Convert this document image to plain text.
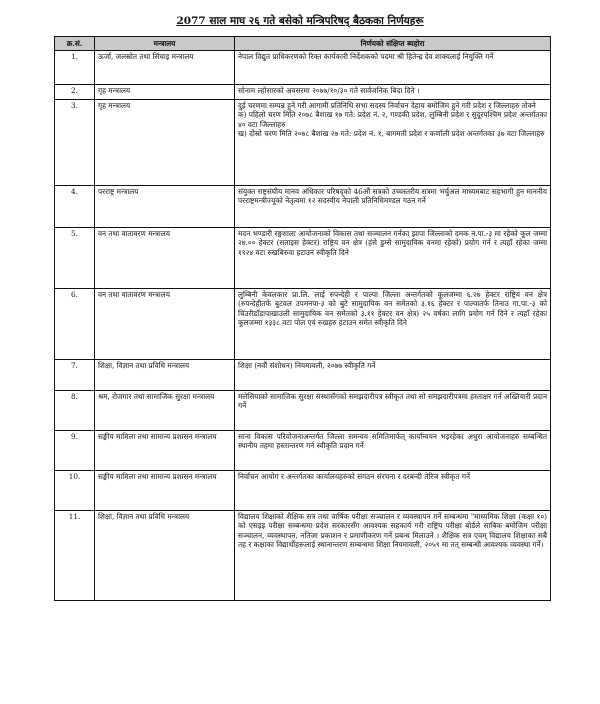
2077 साल माघ २६ गते बसेको मन्त्रिपरिषद् बैठकका निर्णयहरू
क्र.सं.	मन्त्रालय	निर्णयको संक्षिप्त ब्यहोरा
1.	ऊर्जा, जलस्रोत तथा सिंचाइ मन्त्रालय	नेपाल विद्युत प्राधिकरणको रिक्त कार्यकारी निर्देशकको पदमा श्री हितेन्द्र देव शाक्यलाई नियुक्ति गर्ने
2.	गृह मन्त्रालय	सोनाम ल्होसारको अवसरमा २०७७/१०/३० गते सार्वजनिक बिदा दिने ।
3.	गृह मन्त्रालय	दुई चरणमा सम्पन्न हुने गरी आगामी प्रतिनिधि सभा सदस्य निर्वाचन देहाय बमोजिम हुने गरी प्रदेश र जिल्लाहरु तोक्ने
क) पहिलो चरण मिति २०७८ बैशाख १७ गते: प्रदेश नं. २, गण्डकी प्रदेश, लुम्बिनी प्रदेश र सुदूरपश्चिम प्रदेश अन्तर्गतका ४० वटा जिल्लाहरु
ख) दोस्रो चरण मिति २०७८ बैशाख २७ गते: प्रदेश नं. १, बागमती प्रदेश र कर्णाली प्रदेश अन्तर्गतका ३७ वटा जिल्लाहरु

4.	परराष्ट्र मन्त्रालय	संयुक्त राष्ट्रसंघीय मानव अधिकार परिषद्को 46औं सत्रको उच्चस्तरीय सत्रमा भर्चुअल माध्यमबाट सहभागी हुन माननीय परराष्ट्रमन्त्रीज्यूको नेतृत्वमा १२ सदस्यीय नेपाली प्रतिनिधिमण्डल गठन गर्ने
5.	वन तथा वातावरण मन्त्रालय	मदन भण्डारी रङ्गशाला आयोजनाको विकास तथा सञ्चालन गर्नका झापा जिल्लाको दमक न.पा.-३ मा रहेको कूल जम्मा २७.०० हेक्टर (सताइस हेक्टर) राष्ट्रिय वन क्षेत्र (हंसे डुम्से सामुदायिक वनमा रहेको) प्रयोग गर्न र त्यहाँ रहेका जम्मा १९२४ वटा रुखबिरुवा हटाउन स्वीकृति दिने
6.	वन तथा वातावरण मन्त्रालय	लुम्बिनी केवलकार प्रा.लि. लाई रुपन्देही र पाल्पा जिल्ला अन्तर्गतको कूलजम्मा ६.२७ हेक्टर राष्ट्रिय वन क्षेत्र (रुपन्देहीतर्फ बुटवल उपमनपा-३ को बुटे सामुदायिक वन समेतको ३.१६ हेक्टर र पाल्पातर्फ तिनाउ गा.पा.-३ को चिउरीडाँडापाखाउली सामुदायिक वन समेतको ३.११ हेक्टर वन क्षेत्र) २५ वर्षका लागि प्रयोग गर्न दिने र त्यहाँ रहेका कूलजम्मा १३३८ वटा पोल एवं रुखहरु हटाउन समेत स्वीकृति दिने
7.	शिक्षा, विज्ञान तथा प्रविधि मन्त्रालय	शिक्षा (नवौं संशोधन) नियमावली, २०७७ स्वीकृति गर्ने
8.	श्रम, रोजगार तथा सामाजिक सुरक्षा मन्त्रालय	मलेसियाको सामाजिक सुरक्षा संस्थासँगको समझदारीपत्र स्वीकृत तथा सो समझदारीपत्रमा हस्ताक्षर गर्न अख्तियारी प्रदान गर्ने
9.	सङ्घीय मामिला तथा सामान्य प्रशासन मन्त्रालय	साना विकास परियोजनाअन्तर्गत जिल्ला समन्वय समितिमार्फत् कार्यान्वयन भइरहेका अधुरा आयोजनाहरु सम्बन्धित स्थानीय तहमा हस्तान्तरण गर्न स्वीकृति प्रदान गर्ने
10.	सङ्घीय मामिला तथा सामान्य प्रशासन मन्त्रालय	निर्वाचन आयोग र अन्तर्गतका कार्यालयहरुको संगठन संरचना र दरबन्दी तेरिज स्वीकृत गर्ने
11.	शिक्षा, विज्ञान तथा प्रविधि मन्त्रालय	विद्यालय शिक्षाको शैक्षिक सत्र तथा वार्षिक परीक्षा सञ्चालन र व्यवस्थापन गर्ने सम्बन्धमा "माध्यमिक शिक्षा (कक्षा १०) को एसइइ परीक्षा सम्बन्धमा प्रदेश सरकारसँग आवश्यक सहकार्य गरी राष्ट्रिय परीक्षा बोर्डले साबिक बमोजिम परीक्षा सञ्चालन, व्यवस्थापन, नतिजा प्रकाशन र प्रमाणीकरण गर्ने प्रबन्ध मिलाउने । शैक्षिक सत्र एवम् विद्यालय शिक्षाका सबै तह र कक्षाका विद्यार्थीहरूलाई स्थानान्तरण सम्बन्धमा शिक्षा नियमावली, २०५९ मा तत् सम्बन्धी आवश्यक व्यवस्था गर्ने।
